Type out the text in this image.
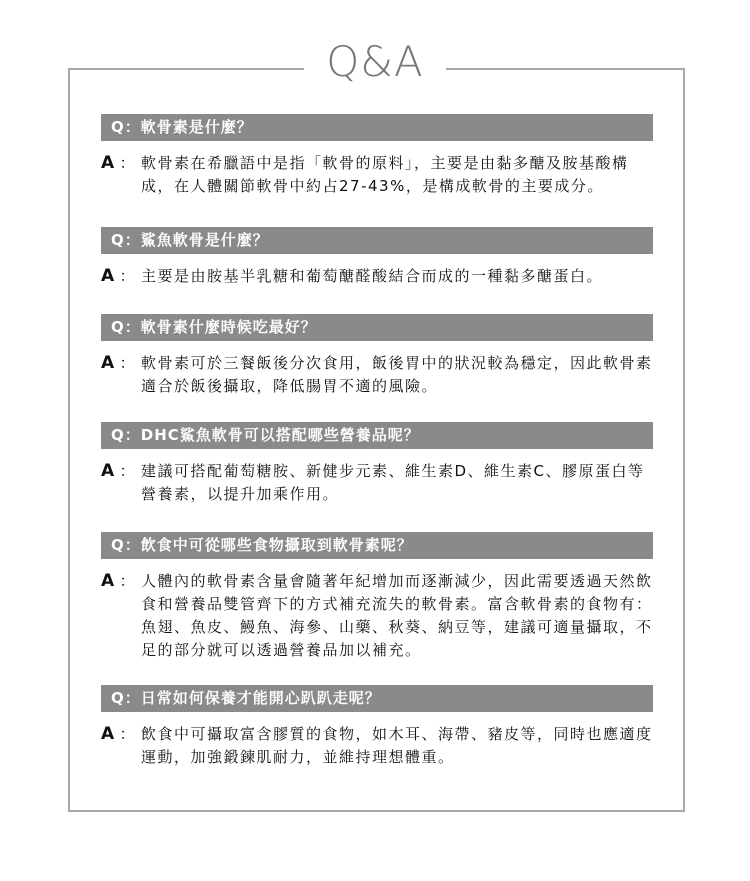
Q&A
Q：軟骨素是什麼？
A ： 軟骨素在希臘語中是指「軟骨的原料」，主要是由黏多醣及胺基酸構成，在人體關節軟骨中約占27-43%，是構成軟骨的主要成分。
Q：鯊魚軟骨是什麼？
A ： 主要是由胺基半乳糖和葡萄醣醛酸結合而成的一種黏多醣蛋白。
Q：軟骨素什麼時候吃最好？
A ： 軟骨素可於三餐飯後分次食用，飯後胃中的狀況較為穩定，因此軟骨素適合於飯後攝取，降低腸胃不適的風險。
Q：DHC鯊魚軟骨可以搭配哪些營養品呢？
A ： 建議可搭配葡萄糖胺、新健步元素、維生素D、維生素C、膠原蛋白等營養素，以提升加乘作用。
Q：飲食中可從哪些食物攝取到軟骨素呢？
A ： 人體內的軟骨素含量會隨著年紀增加而逐漸減少，因此需要透過天然飲食和營養品雙管齊下的方式補充流失的軟骨素。富含軟骨素的食物有：魚翅、魚皮、鰻魚、海參、山藥、秋葵、納豆等，建議可適量攝取，不足的部分就可以透過營養品加以補充。
Q：日常如何保養才能開心趴趴走呢？
A ： 飲食中可攝取富含膠質的食物，如木耳、海帶、豬皮等，同時也應適度運動，加強鍛鍊肌耐力，並維持理想體重。
